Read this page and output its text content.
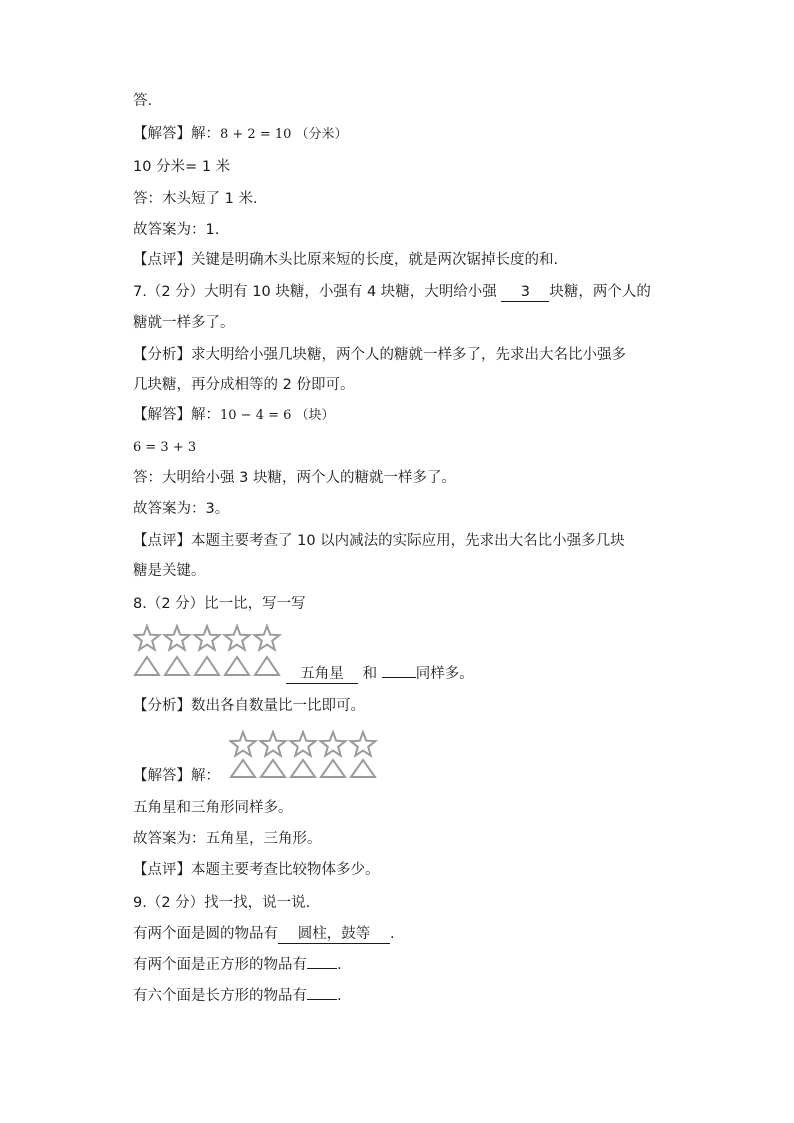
答.
【解答】解：8 + 2 = 10 （分米）
10 分米= 1 米
答：木头短了 1 米.
故答案为：1.
【点评】关键是明确木头比原来短的长度，就是两次锯掉长度的和.
7.（2 分）大明有 10 块糖，小强有 4 块糖，大明给小强 3 块糖，两个人的
糖就一样多了。
【分析】求大明给小强几块糖，两个人的糖就一样多了，先求出大名比小强多
几块糖，再分成相等的 2 份即可。
【解答】解：10 − 4 = 6 （块）
6 = 3 + 3
答：大明给小强 3 块糖，两个人的糖就一样多了。
故答案为：3。
【点评】本题主要考查了 10 以内减法的实际应用，先求出大名比小强多几块
糖是关键。
8.（2 分）比一比，写一写
五角星 和	同样多。
【分析】数出各自数量比一比即可。
【解答】解：
五角星和三角形同样多。
故答案为：五角星，三角形。
【点评】本题主要考查比较物体多少。
9.（2 分）找一找，说一说.
有两个面是圆的物品有 圆柱，鼓等 .
有两个面是正方形的物品有 .
有六个面是长方形的物品有 .
